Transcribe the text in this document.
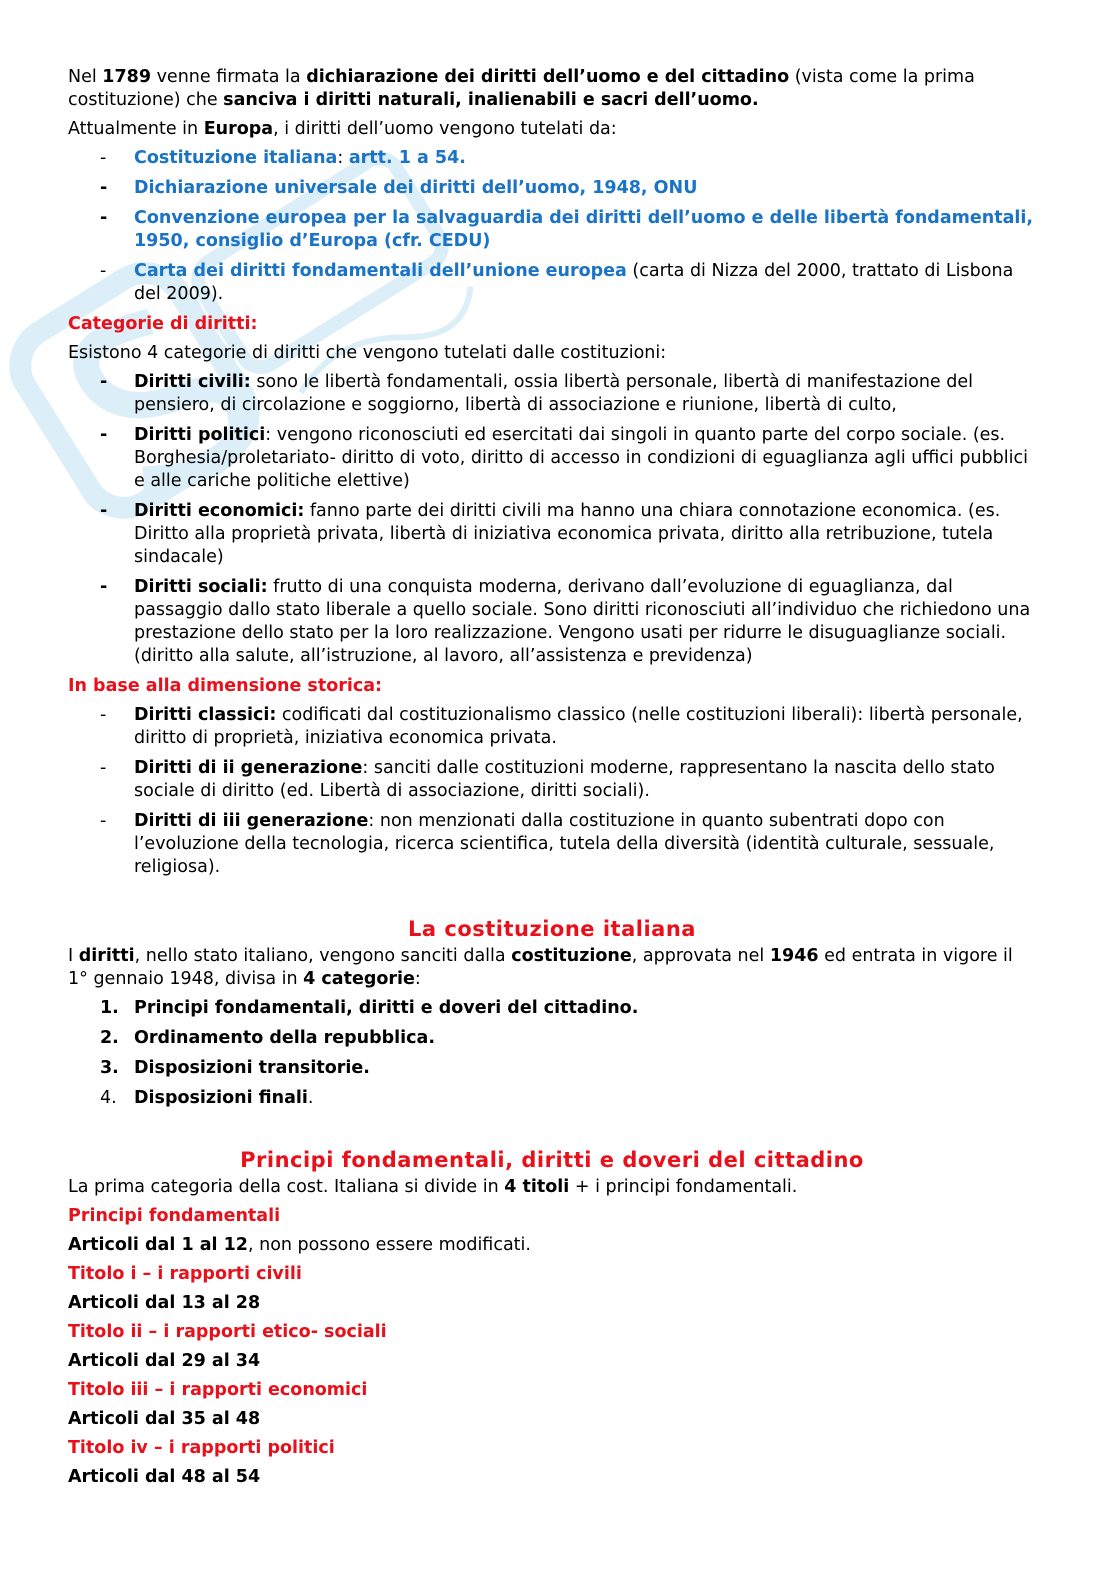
Nel 1789 venne firmata la dichiarazione dei diritti dell’uomo e del cittadino (vista come la prima costituzione) che sanciva i diritti naturali, inalienabili e sacri dell’uomo.

Attualmente in Europa, i diritti dell’uomo vengono tutelati da:

-	Costituzione italiana: artt. 1 a 54.
-	Dichiarazione universale dei diritti dell’uomo, 1948, ONU
-	Convenzione europea per la salvaguardia dei diritti dell’uomo e delle libertà fondamentali, 1950, consiglio d’Europa (cfr. CEDU)
-	Carta dei diritti fondamentali dell’unione europea (carta di Nizza del 2000, trattato di Lisbona del 2009).

Categorie di diritti:

Esistono 4 categorie di diritti che vengono tutelati dalle costituzioni:

-	Diritti civili: sono le libertà fondamentali, ossia libertà personale, libertà di manifestazione del pensiero, di circolazione e soggiorno, libertà di associazione e riunione, libertà di culto,
-	Diritti politici: vengono riconosciuti ed esercitati dai singoli in quanto parte del corpo sociale. (es. Borghesia/proletariato- diritto di voto, diritto di accesso in condizioni di eguaglianza agli uffici pubblici e alle cariche politiche elettive)
-	Diritti economici: fanno parte dei diritti civili ma hanno una chiara connotazione economica. (es. Diritto alla proprietà privata, libertà di iniziativa economica privata, diritto alla retribuzione, tutela sindacale)
-	Diritti sociali: frutto di una conquista moderna, derivano dall’evoluzione di eguaglianza, dal passaggio dallo stato liberale a quello sociale. Sono diritti riconosciuti all’individuo che richiedono una prestazione dello stato per la loro realizzazione. Vengono usati per ridurre le disuguaglianze sociali. (diritto alla salute, all’istruzione, al lavoro, all’assistenza e previdenza)

In base alla dimensione storica:

-	Diritti classici: codificati dal costituzionalismo classico (nelle costituzioni liberali): libertà personale, diritto di proprietà, iniziativa economica privata.
-	Diritti di ii generazione: sanciti dalle costituzioni moderne, rappresentano la nascita dello stato sociale di diritto (ed. Libertà di associazione, diritti sociali).
-	Diritti di iii generazione: non menzionati dalla costituzione in quanto subentrati dopo con l’evoluzione della tecnologia, ricerca scientifica, tutela della diversità (identità culturale, sessuale, religiosa).
La costituzione italiana

I diritti, nello stato italiano, vengono sanciti dalla costituzione, approvata nel 1946 ed entrata in vigore il 1° gennaio 1948, divisa in 4 categorie:

1. Principi fondamentali, diritti e doveri del cittadino.
2. Ordinamento della repubblica.
3. Disposizioni transitorie.
4. Disposizioni finali.
Principi fondamentali, diritti e doveri del cittadino

La prima categoria della cost. Italiana si divide in 4 titoli + i principi fondamentali.

Principi fondamentali

Articoli dal 1 al 12, non possono essere modificati.

Titolo i – i rapporti civili

Articoli dal 13 al 28

Titolo ii – i rapporti etico- sociali

Articoli dal 29 al 34

Titolo iii – i rapporti economici

Articoli dal 35 al 48

Titolo iv – i rapporti politici

Articoli dal 48 al 54
